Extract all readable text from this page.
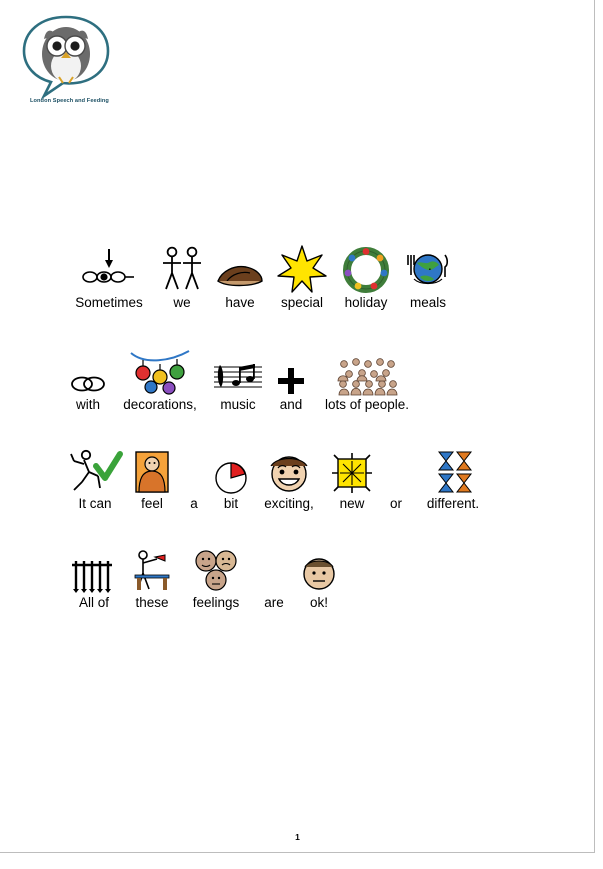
London Speech and Feeding
Sometimes we	have special holiday meals
.
with decorations, music and lots of people.
It can feel a bit exciting, new or different.
All of these feelings are ok!
1
